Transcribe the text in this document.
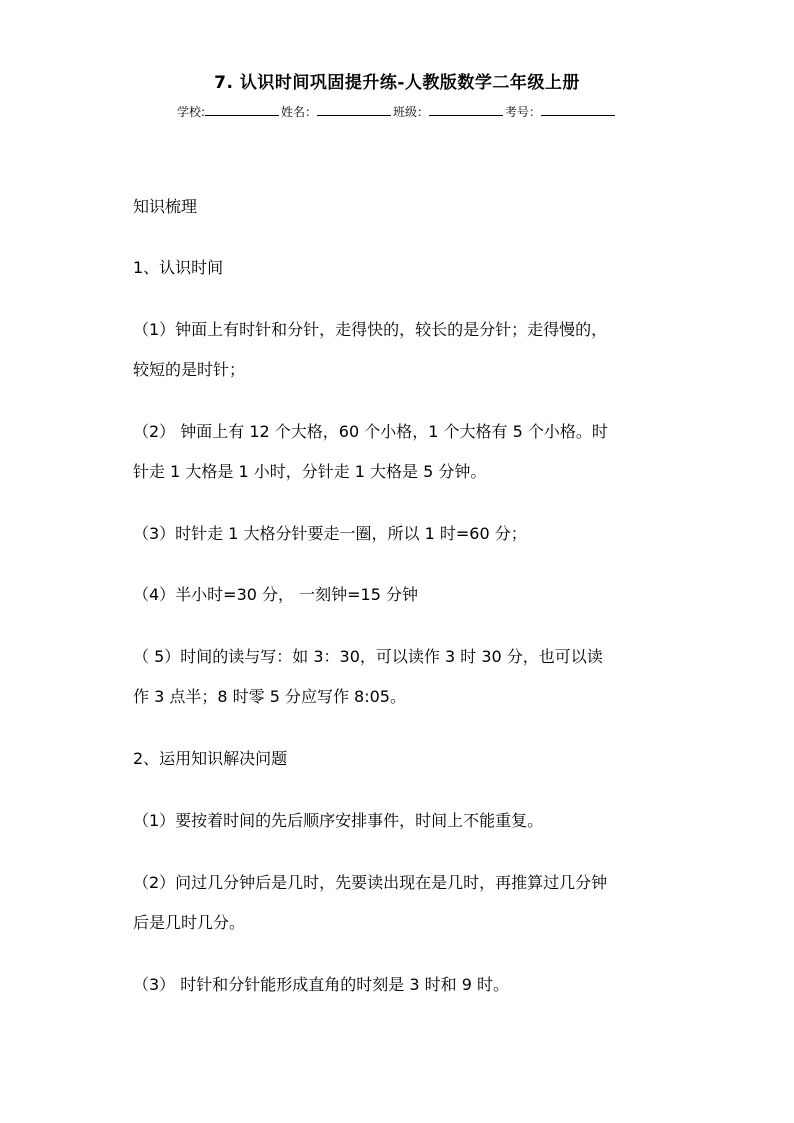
7. 认识时间巩固提升练-人教版数学二年级上册
学校:	姓名：	班级：	考号：
知识梳理
1、认识时间
（1）钟面上有时针和分针，走得快的，较长的是分针；走得慢的，
较短的是时针；
（2） 钟面上有 12 个大格，60 个小格，1 个大格有 5 个小格。时
针走 1 大格是 1 小时，分针走 1 大格是 5 分钟。
（3）时针走 1 大格分针要走一圈，所以 1 时=60 分；
（4）半小时=30 分， 一刻钟=15 分钟
（ 5）时间的读与写：如 3：30，可以读作 3 时 30 分，也可以读
作 3 点半；8 时零 5 分应写作 8:05。
2、运用知识解决问题
（1）要按着时间的先后顺序安排事件，时间上不能重复。
（2）问过几分钟后是几时，先要读出现在是几时，再推算过几分钟
后是几时几分。
（3） 时针和分针能形成直角的时刻是 3 时和 9 时。
